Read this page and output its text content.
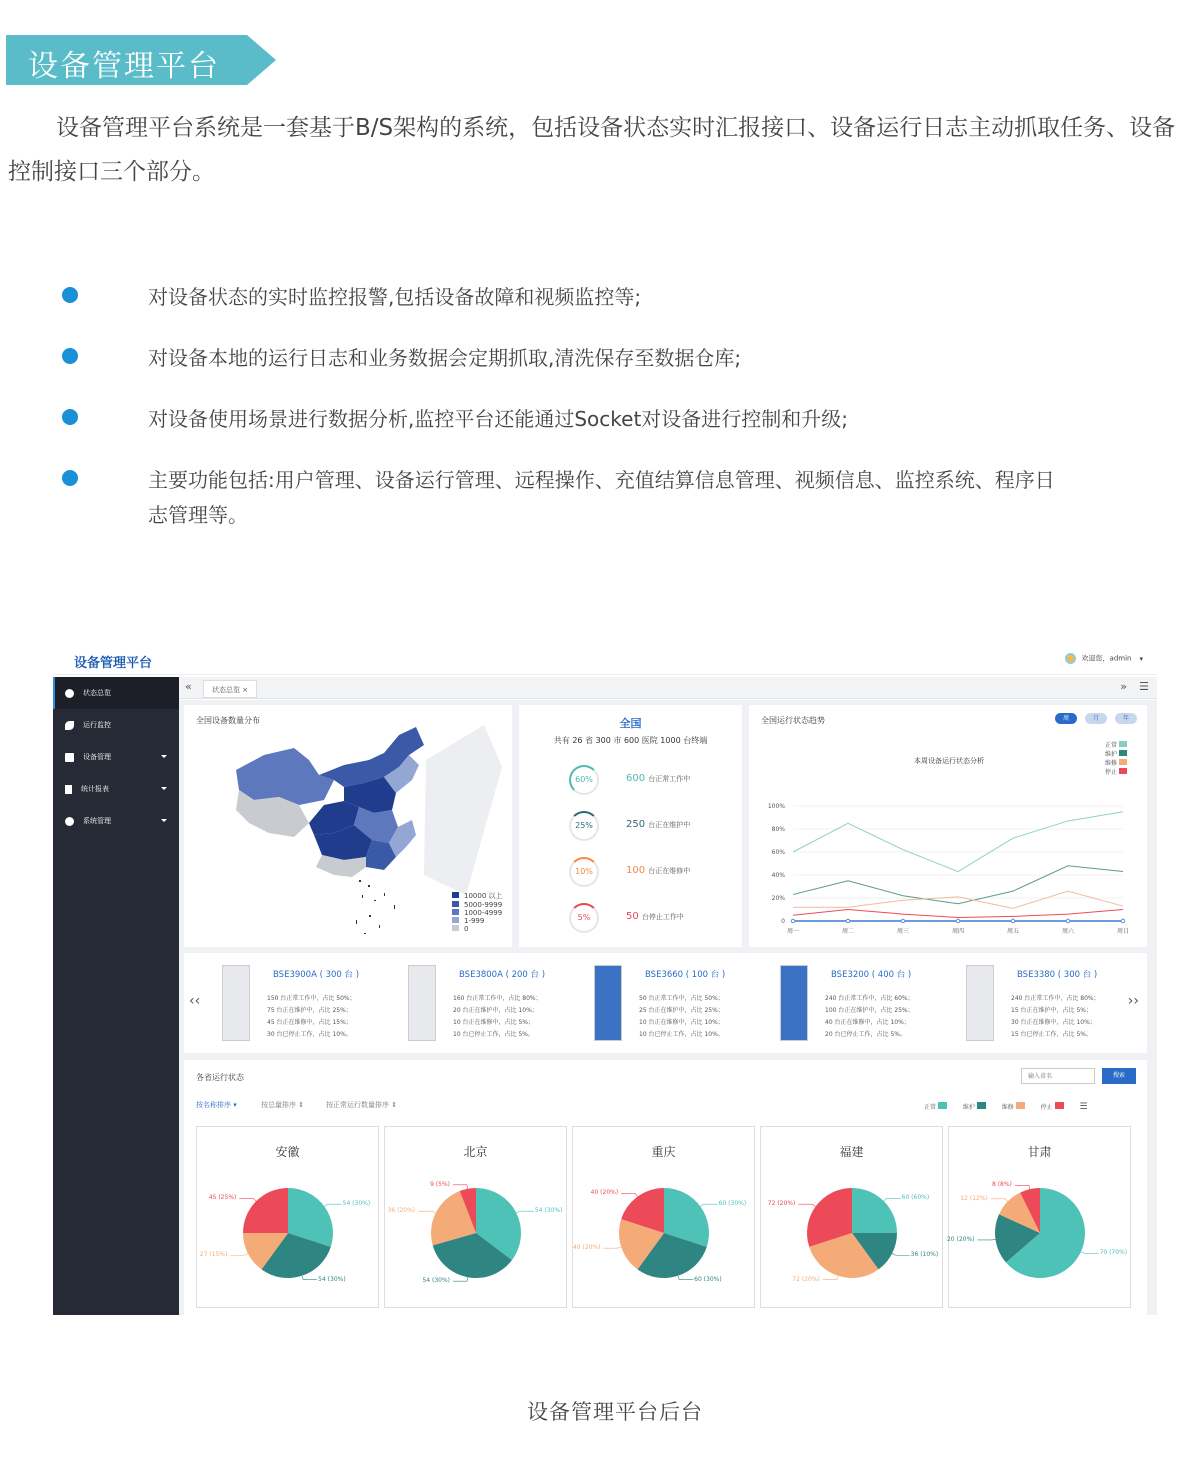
设备管理平台
设备管理平台系统是一套基于B/S架构的系统，包括设备状态实时汇报接口、设备运行日志主动抓取任务、设备控制接口三个部分。
对设备状态的实时监控报警,包括设备故障和视频监控等;
对设备本地的运行日志和业务数据会定期抓取,清洗保存至数据仓库;
对设备使用场景进行数据分析,监控平台还能通过Socket对设备进行控制和升级;
主要功能包括:用户管理、设备运行管理、远程操作、充值结算信息管理、视频信息、监控系统、程序日志管理等。
设备管理平台	欢迎您，admin ▾
状态总览
运行监控
设备管理
统计报表
系统管理
«	状态总览 ×	» ☰
全国设备数量分布
10000 以上
5000-9999
1000-4999
1-999
0
全国
共有 26 省 300 市 600 医院 1000 台终端
60%	600 台正常工作中
25%	250 台正在维护中
10%	100 台正在维修中
5%	50 台停止工作中
全国运行状态趋势	周	月	年
正常
维护
维修
停止
本周设备运行状态分析
0
20%
40%
60%
80%
100%
周一	周二	周三	周四	周五	周六	周日
‹‹	››
BSE3900A ( 300 台 )
150 台正常工作中，占比 50%；
75 台正在维护中，占比 25%；
45 台正在维修中，占比 15%；
30 台已停止工作，占比 10%。
BSE3800A ( 200 台 )
160 台正常工作中，占比 80%；
20 台正在维护中，占比 10%；
10 台正在维修中，占比 5%；
10 台已停止工作，占比 5%。
BSE3660 ( 100 台 )
50 台正常工作中，占比 50%；
25 台正在维护中，占比 25%；
10 台正在维修中，占比 10%；
10 台已停止工作，占比 10%。
BSE3200 ( 400 台 )
240 台正常工作中，占比 60%；
100 台正在维护中，占比 25%；
40 台正在维修中，占比 10%；
20 台已停止工作，占比 5%。
BSE3380 ( 300 台 )
240 台正常工作中，占比 80%；
15 台正在维护中，占比 5%；
30 台正在维修中，占比 10%；
15 台已停止工作，占比 5%。
各省运行状态
输入省名	搜索
按名称排序 ▾	按总量排序 ⇕	按正常运行数量排序 ⇕	正常	维护	维修	停止	☰
安徽
54 (30%)
54 (30%)
27 (15%)
45 (25%)
北京
54 (30%)
54 (30%)
36 (20%)
9 (5%)
重庆
60 (30%)
60 (30%)
40 (20%)
40 (20%)
福建
60 (60%)
36 (10%)
72 (20%)
72 (20%)
甘肃
70 (70%)
20 (20%)
12 (12%)
8 (8%)
设备管理平台后台
